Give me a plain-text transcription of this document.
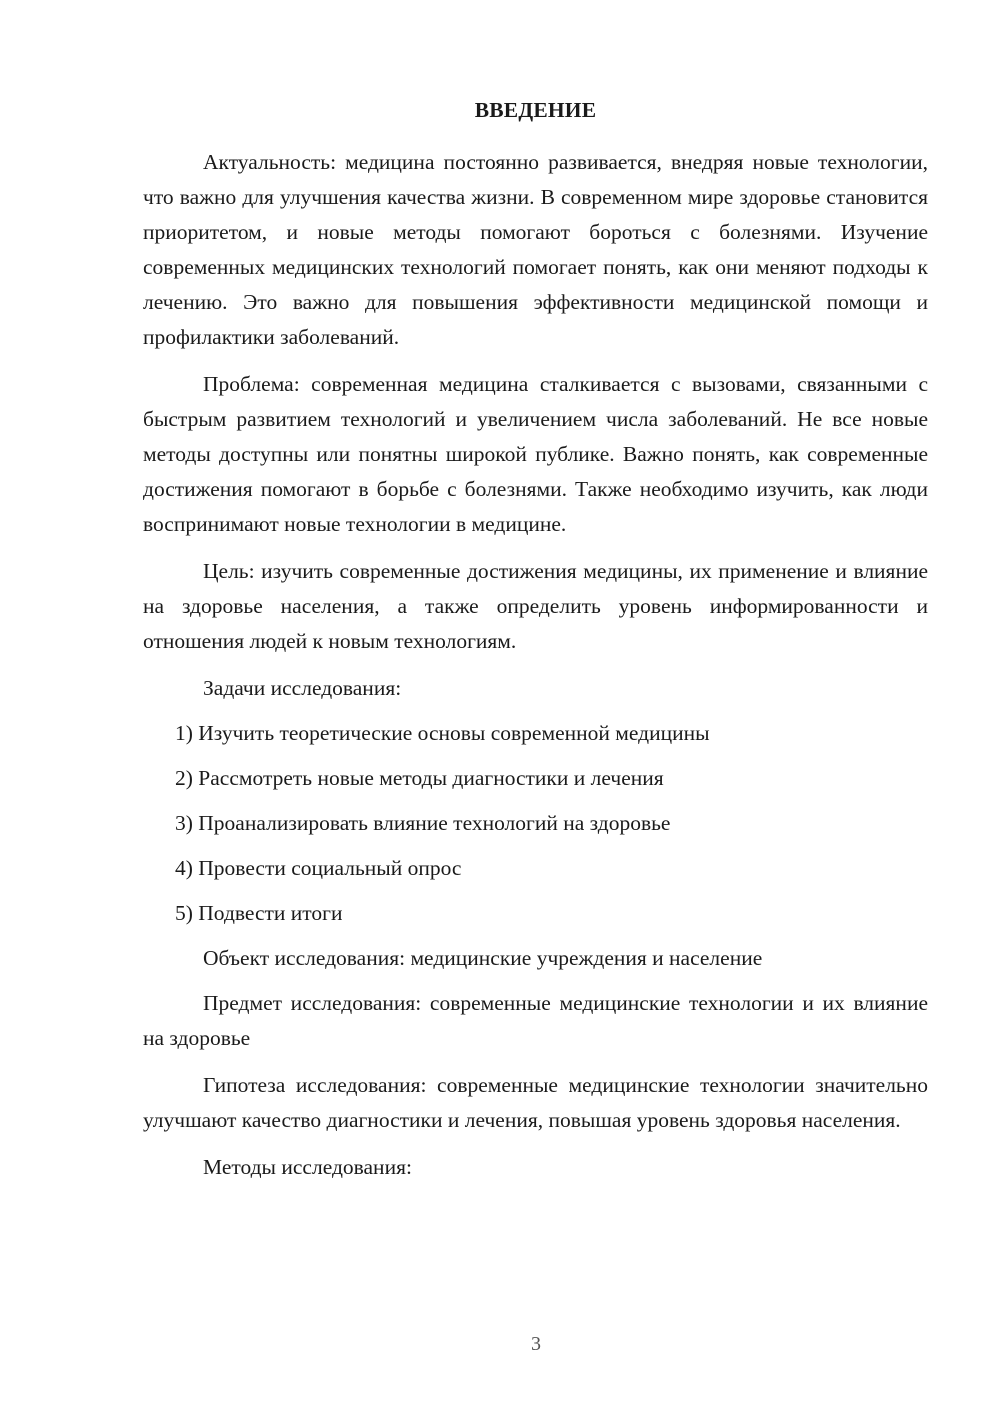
ВВЕДЕНИЕ

Актуальность: медицина постоянно развивается, внедряя новые технологии, что важно для улучшения качества жизни. В современном мире здоровье становится приоритетом, и новые методы помогают бороться с болезнями. Изучение современных медицинских технологий помогает понять, как они меняют подходы к лечению. Это важно для повышения эффективности медицинской помощи и профилактики заболеваний.

Проблема: современная медицина сталкивается с вызовами, связанными с быстрым развитием технологий и увеличением числа заболеваний. Не все новые методы доступны или понятны широкой публике. Важно понять, как современные достижения помогают в борьбе с болезнями. Также необходимо изучить, как люди воспринимают новые технологии в медицине.

Цель: изучить современные достижения медицины, их применение и влияние на здоровье населения, а также определить уровень информированности и отношения людей к новым технологиям.

Задачи исследования:
1) Изучить теоретические основы современной медицины
2) Рассмотреть новые методы диагностики и лечения
3) Проанализировать влияние технологий на здоровье
4) Провести социальный опрос
5) Подвести итоги
Объект исследования: медицинские учреждения и население

Предмет исследования: современные медицинские технологии и их влияние на здоровье

Гипотеза исследования: современные медицинские технологии значительно улучшают качество диагностики и лечения, повышая уровень здоровья населения.

Методы исследования:
3
